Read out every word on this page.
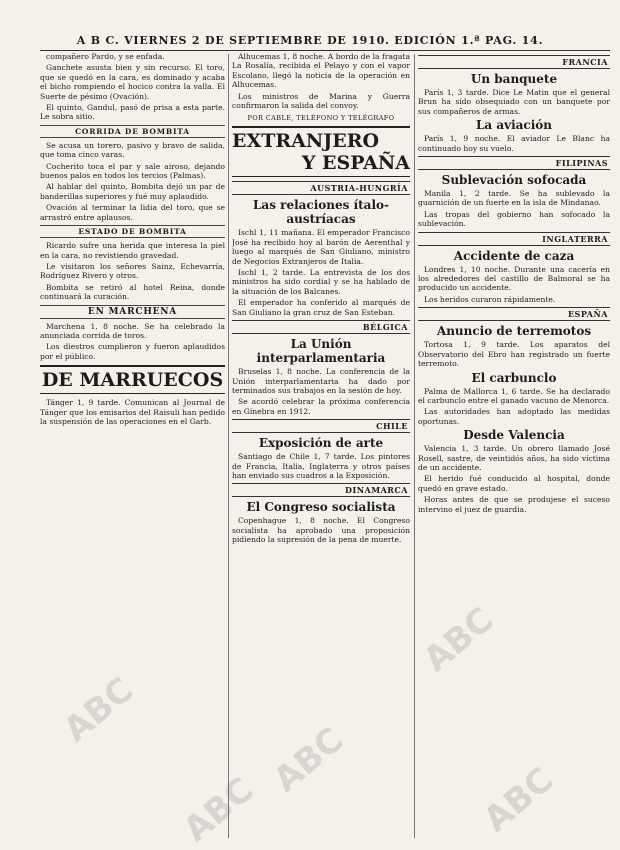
A B C. VIERNES 2 DE SEPTIEMBRE DE 1910. EDICIÓN 1.ª PAG. 14.

compañero Pardo, y se enfada.

Ganchete asusta bien y sin recurso. El toro, que se quedó en la cara, es dominado y acaba el bicho rompiendo el hocico contra la valla. El Suerte de pésimo (Ovación).

El quinto, Gandul, pasó de prisa a esta parte. Le sobra sitio.

CORRIDA DE BOMBITA

Se acusa un torero, pasivo y bravo de salida, que toma cinco varas.

Cocherito toca el par y sale airoso, dejando buenos palos en todos los tercios (Palmas).

Al hablar del quinto, Bombita dejó un par de banderillas superiores y fué muy aplaudido.

Ovación al terminar la lidia del toro, que se arrastró entre aplausos.

ESTADO DE BOMBITA

Ricardo sufre una herida que interesa la piel en la cara, no revistiendo gravedad.

Le visitaron los señores Sainz, Echevarría, Rodríguez Rivero y otros.

Bombita se retiró al hotel Reina, donde continuará la curación.

EN MARCHENA

Marchena 1, 8 noche. Se ha celebrado la anunciada corrida de toros.

Los diestros cumplieron y fueron aplaudidos por el público.

DE MARRUECOS

Tánger 1, 9 tarde. Comunican al Journal de Tánger que los emisarios del Raisuli han pedido la suspensión de las operaciones en el Garb.

Alhucemas 1, 8 noche. A bordo de la fragata La Rosalía, recibida el Pelayo y con el vapor Escolano, llegó la noticia de la operación en Alhucemas.

Los ministros de Marina y Guerra confirmaron la salida del convoy.

POR CABLE, TELÉFONO Y TELÉGRAFO
EXTRANJERO
Y ESPAÑA
AUSTRIA-HUNGRÍA
Las relaciones ítalo-austríacas

Ischl 1, 11 mañana. El emperador Francisco José ha recibido hoy al barón de Aerenthal y luego al marqués de San Giuliano, ministro de Negocios Extranjeros de Italia.

Ischl 1, 2 tarde. La entrevista de los dos ministros ha sido cordial y se ha hablado de la situación de los Balcanes.

El emperador ha conferido al marqués de San Giuliano la gran cruz de San Esteban.

BÉLGICA
La Unión interparlamentaria

Bruselas 1, 8 noche. La conferencia de la Unión interparlamentaria ha dado por terminados sus trabajos en la sesión de hoy.

Se acordó celebrar la próxima conferencia en Ginebra en 1912.

CHILE
Exposición de arte

Santiago de Chile 1, 7 tarde. Los pintores de Francia, Italia, Inglaterra y otros países han enviado sus cuadros a la Exposición.

DINAMARCA
El Congreso socialista

Copenhague 1, 8 noche. El Congreso socialista ha aprobado una proposición pidiendo la supresión de la pena de muerte.

FRANCIA
Un banquete

París 1, 3 tarde. Dice Le Matin que el general Brun ha sido obsequiado con un banquete por sus compañeros de armas.

La aviación

París 1, 9 noche. El aviador Le Blanc ha continuado hoy su vuelo.

FILIPINAS
Sublevación sofocada

Manila 1, 2 tarde. Se ha sublevado la guarnición de un fuerte en la isla de Mindanao.

Las tropas del gobierno han sofocado la sublevación.

INGLATERRA
Accidente de caza

Londres 1, 10 noche. Durante una cacería en los alrededores del castillo de Balmoral se ha producido un accidente.

Los heridos curaron rápidamente.

ESPAÑA
Anuncio de terremotos

Tortosa 1, 9 tarde. Los aparatos del Observatorio del Ebro han registrado un fuerte terremoto.

El carbunclo

Palma de Mallorca 1, 6 tarde. Se ha declarado el carbunclo entre el ganado vacuno de Menorca.

Las autoridades han adoptado las medidas oportunas.

Desde Valencia

Valencia 1, 3 tarde. Un obrero llamado José Rosell, sastre, de veintidós años, ha sido víctima de un accidente.

El herido fué conducido al hospital, donde quedó en grave estado.

Horas antes de que se produjese el suceso intervino el juez de guardia.

ABC
ABC
ABC
ABC
ABC
